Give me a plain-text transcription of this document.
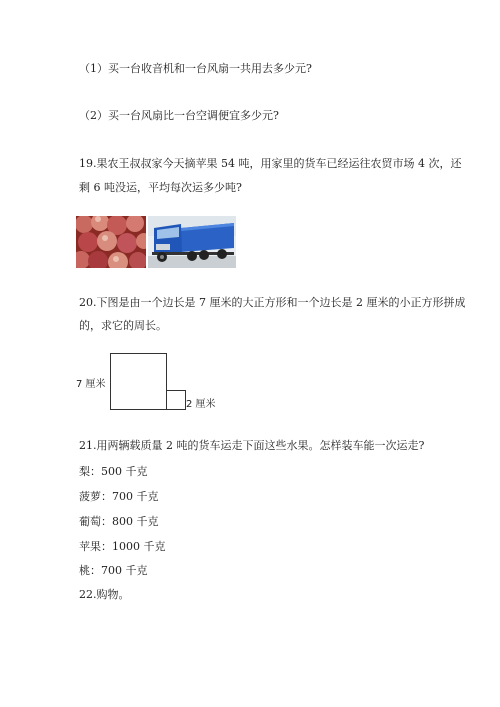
（1）买一台收音机和一台风扇一共用去多少元?
（2）买一台风扇比一台空调便宜多少元?
19.果农王叔叔家今天摘苹果 54 吨，用家里的货车已经运往农贸市场 4 次，还
剩 6 吨没运，平均每次运多少吨?
20.下图是由一个边长是 7 厘米的大正方形和一个边长是 2 厘米的小正方形拼成
的，求它的周长。
7 厘米
2 厘米
21.用两辆载质量 2 吨的货车运走下面这些水果。怎样装车能一次运走?
梨：500 千克
菠萝：700 千克
葡萄：800 千克
苹果：1000 千克
桃：700 千克
22.购物。
